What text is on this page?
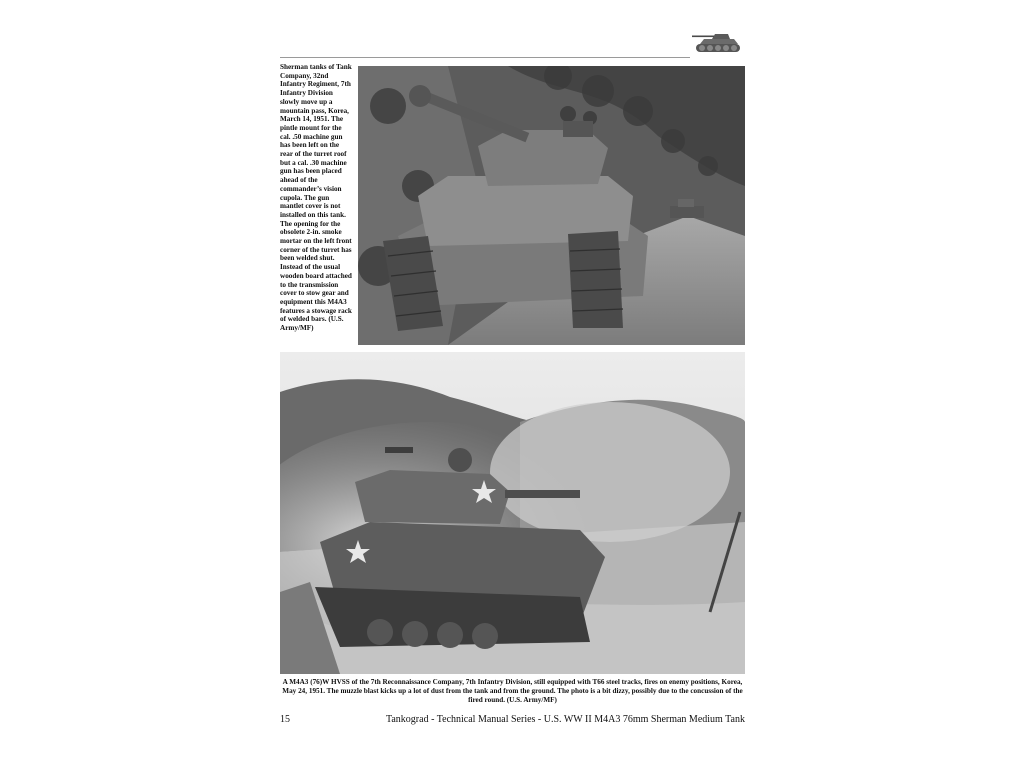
Sherman tanks of Tank Company, 32nd Infantry Regiment, 7th Infantry Division slowly move up a mountain pass, Korea, March 14, 1951. The pintle mount for the cal. .50 machine gun has been left on the rear of the turret roof but a cal. .30 machine gun has been placed ahead of the commander’s vision cupola. The gun mantlet cover is not installed on this tank. The opening for the obsolete 2-in. smoke mortar on the left front corner of the turret has been welded shut. Instead of the usual wooden board attached to the transmission cover to stow gear and equipment this M4A3 features a stowage rack of welded bars. (U.S. Army/MF)
A M4A3 (76)W HVSS of the 7th Reconnaissance Company, 7th Infantry Division, still equipped with T66 steel tracks, fires on enemy positions, Korea, May 24, 1951. The muzzle blast kicks up a lot of dust from the tank and from the ground. The photo is a bit dizzy, possibly due to the concussion of the fired round. (U.S. Army/MF)
15	Tankograd - Technical Manual Series - U.S. WW II M4A3 76mm Sherman Medium Tank
